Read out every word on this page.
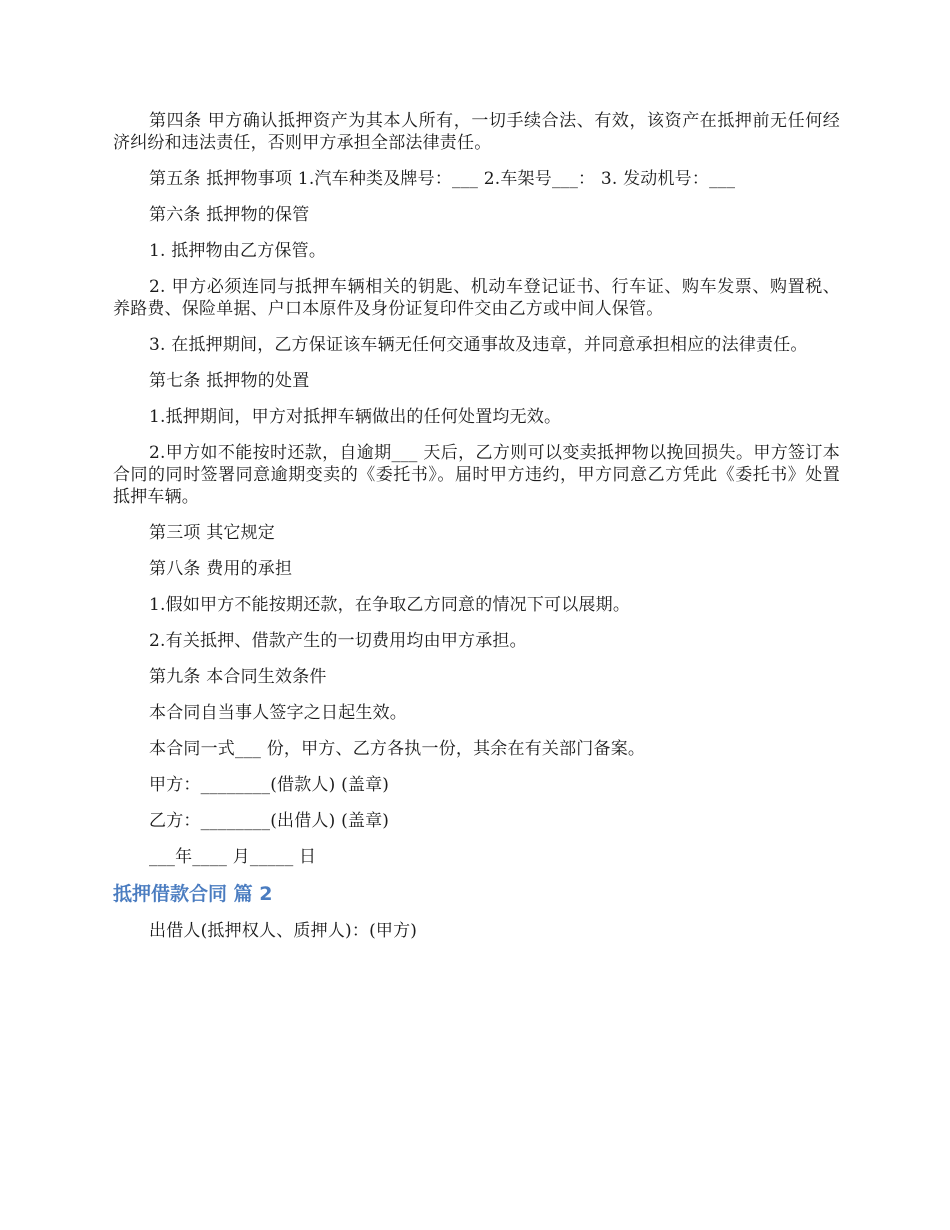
第四条 甲方确认抵押资产为其本人所有，一切手续合法、有效，该资产在抵押前无任何经济纠纷和违法责任，否则甲方承担全部法律责任。

第五条 抵押物事项 1.汽车种类及牌号：___ 2.车架号___： 3. 发动机号：___

第六条 抵押物的保管

1. 抵押物由乙方保管。

2. 甲方必须连同与抵押车辆相关的钥匙、机动车登记证书、行车证、购车发票、购置税、养路费、保险单据、户口本原件及身份证复印件交由乙方或中间人保管。

3. 在抵押期间，乙方保证该车辆无任何交通事故及违章，并同意承担相应的法律责任。

第七条 抵押物的处置

1.抵押期间，甲方对抵押车辆做出的任何处置均无效。

2.甲方如不能按时还款，自逾期___ 天后，乙方则可以变卖抵押物以挽回损失。甲方签订本合同的同时签署同意逾期变卖的《委托书》。届时甲方违约，甲方同意乙方凭此《委托书》处置抵押车辆。

第三项 其它规定

第八条 费用的承担

1.假如甲方不能按期还款，在争取乙方同意的情况下可以展期。

2.有关抵押、借款产生的一切费用均由甲方承担。

第九条 本合同生效条件

本合同自当事人签字之日起生效。

本合同一式___ 份，甲方、乙方各执一份，其余在有关部门备案。

甲方：________(借款人) (盖章)

乙方：________(出借人) (盖章)

___年____ 月_____ 日

抵押借款合同 篇 2

出借人(抵押权人、质押人)：(甲方)
